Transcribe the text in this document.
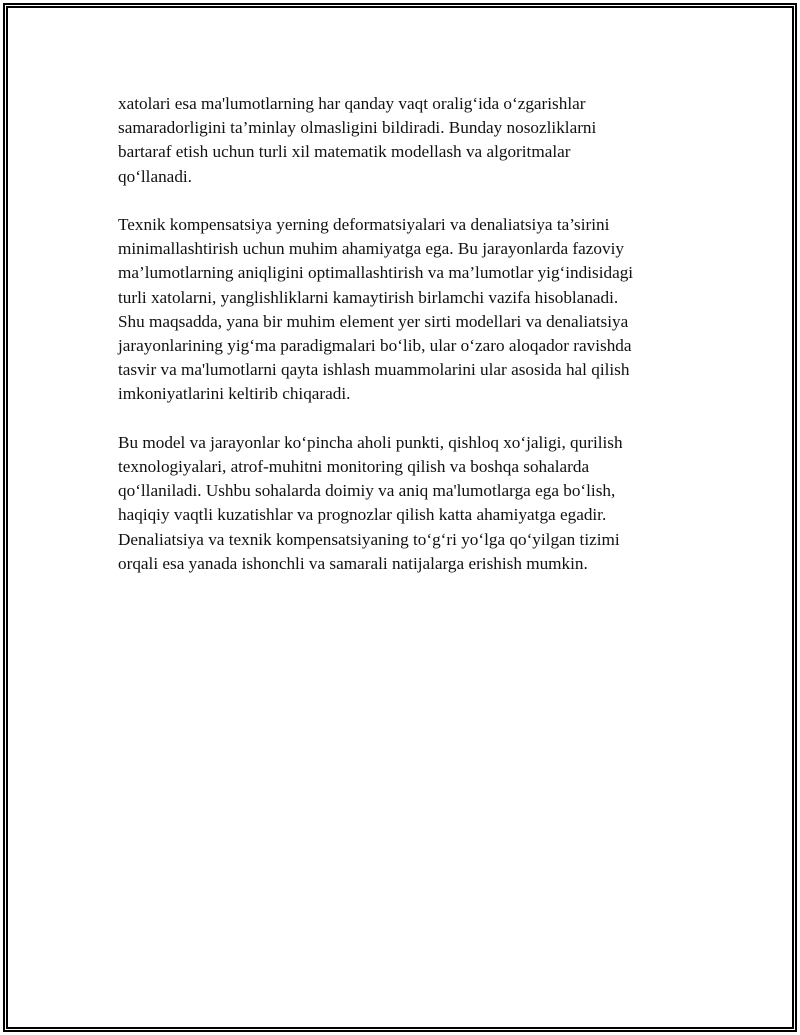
xatolari esa ma'lumotlarning har qanday vaqt oralig‘ida o‘zgarishlar
samaradorligini ta’minlay olmasligini bildiradi. Bunday nosozliklarni
bartaraf etish uchun turli xil matematik modellash va algoritmalar
qo‘llanadi.

Texnik kompensatsiya yerning deformatsiyalari va denaliatsiya ta’sirini
minimallashtirish uchun muhim ahamiyatga ega. Bu jarayonlarda fazoviy
ma’lumotlarning aniqligini optimallashtirish va ma’lumotlar yig‘indisidagi
turli xatolarni, yanglishliklarni kamaytirish birlamchi vazifa hisoblanadi.
Shu maqsadda, yana bir muhim element yer sirti modellari va denaliatsiya
jarayonlarining yig‘ma paradigmalari bo‘lib, ular o‘zaro aloqador ravishda
tasvir va ma'lumotlarni qayta ishlash muammolarini ular asosida hal qilish
imkoniyatlarini keltirib chiqaradi.

Bu model va jarayonlar ko‘pincha aholi punkti, qishloq xo‘jaligi, qurilish
texnologiyalari, atrof-muhitni monitoring qilish va boshqa sohalarda
qo‘llaniladi. Ushbu sohalarda doimiy va aniq ma'lumotlarga ega bo‘lish,
haqiqiy vaqtli kuzatishlar va prognozlar qilish katta ahamiyatga egadir.
Denaliatsiya va texnik kompensatsiyaning to‘g‘ri yo‘lga qo‘yilgan tizimi
orqali esa yanada ishonchli va samarali natijalarga erishish mumkin.
